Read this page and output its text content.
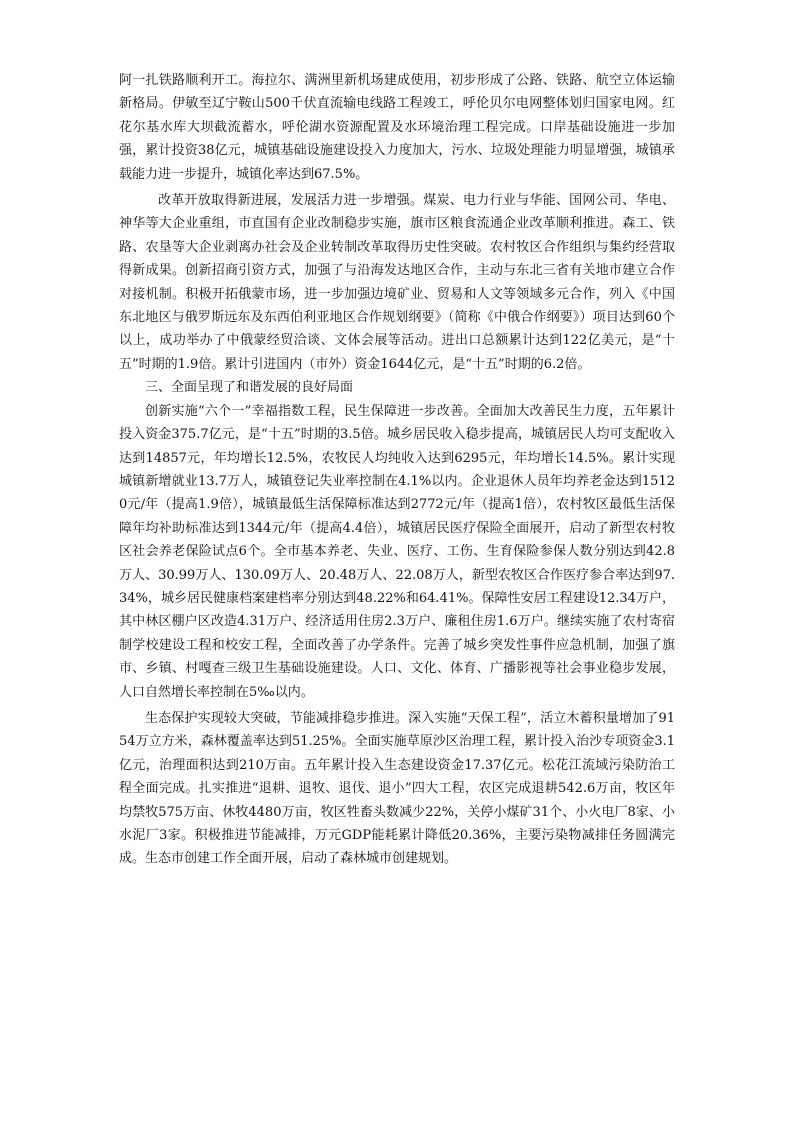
阿一扎铁路顺利开工。海拉尔、满洲里新机场建成使用，初步形成了公路、铁路、航空立体运输新格局。伊敏至辽宁鞍山500千伏直流输电线路工程竣工，呼伦贝尔电网整体划归国家电网。红花尔基水库大坝截流蓄水，呼伦湖水资源配置及水环境治理工程完成。口岸基础设施进一步加强，累计投资38亿元，城镇基础设施建设投入力度加大，污水、垃圾处理能力明显增强，城镇承载能力进一步提升，城镇化率达到67.5%。

改革开放取得新进展，发展活力进一步增强。煤炭、电力行业与华能、国网公司、华电、神华等大企业重组，市直国有企业改制稳步实施，旗市区粮食流通企业改革顺利推进。森工、铁路、农垦等大企业剥离办社会及企业转制改革取得历史性突破。农村牧区合作组织与集约经营取得新成果。创新招商引资方式，加强了与沿海发达地区合作，主动与东北三省有关地市建立合作对接机制。积极开拓俄蒙市场，进一步加强边境矿业、贸易和人文等领域多元合作，列入《中国东北地区与俄罗斯远东及东西伯利亚地区合作规划纲要》（简称《中俄合作纲要》）项目达到60个以上，成功举办了中俄蒙经贸洽谈、文体会展等活动。进出口总额累计达到122亿美元，是“十五”时期的1.9倍。累计引进国内（市外）资金1644亿元，是“十五”时期的6.2倍。

三、全面呈现了和谐发展的良好局面

创新实施“六个一”幸福指数工程，民生保障进一步改善。全面加大改善民生力度，五年累计投入资金375.7亿元，是“十五”时期的3.5倍。城乡居民收入稳步提高，城镇居民人均可支配收入达到14857元，年均增长12.5%，农牧民人均纯收入达到6295元，年均增长14.5%。累计实现城镇新增就业13.7万人，城镇登记失业率控制在4.1%以内。企业退休人员年均养老金达到15120元/年（提高1.9倍），城镇最低生活保障标准达到2772元/年（提高1倍），农村牧区最低生活保障年均补助标准达到1344元/年（提高4.4倍），城镇居民医疗保险全面展开，启动了新型农村牧区社会养老保险试点6个。全市基本养老、失业、医疗、工伤、生育保险参保人数分别达到42.8万人、30.99万人、130.09万人、20.48万人、22.08万人，新型农牧区合作医疗参合率达到97.34%，城乡居民健康档案建档率分别达到48.22%和64.41%。保障性安居工程建设12.34万户，其中林区棚户区改造4.31万户、经济适用住房2.3万户、廉租住房1.6万户。继续实施了农村寄宿制学校建设工程和校安工程，全面改善了办学条件。完善了城乡突发性事件应急机制，加强了旗市、乡镇、村嘎查三级卫生基础设施建设。人口、文化、体育、广播影视等社会事业稳步发展，人口自然增长率控制在5‰以内。

生态保护实现较大突破，节能减排稳步推进。深入实施“天保工程”，活立木蓄积量增加了9154万立方米，森林覆盖率达到51.25%。全面实施草原沙区治理工程，累计投入治沙专项资金3.1亿元，治理面积达到210万亩。五年累计投入生态建设资金17.37亿元。松花江流域污染防治工程全面完成。扎实推进“退耕、退牧、退伐、退小”四大工程，农区完成退耕542.6万亩，牧区年均禁牧575万亩、休牧4480万亩，牧区牲畜头数减少22%，关停小煤矿31个、小火电厂8家、小水泥厂3家。积极推进节能减排，万元GDP能耗累计降低20.36%，主要污染物减排任务圆满完成。生态市创建工作全面开展，启动了森林城市创建规划。
